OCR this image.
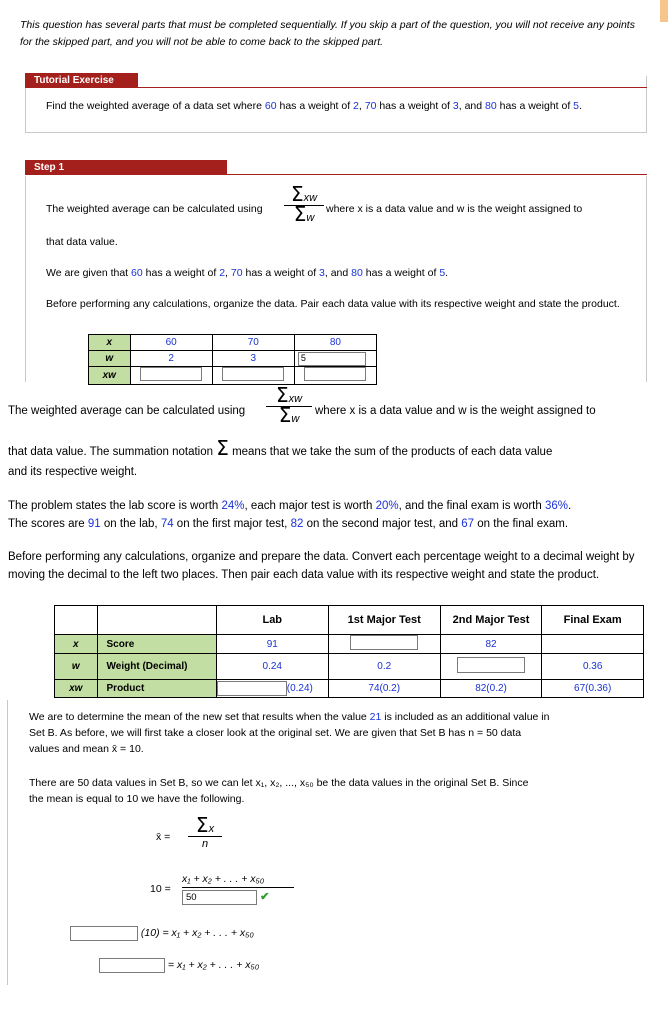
This question has several parts that must be completed sequentially. If you skip a part of the question, you will not receive any points for the skipped part, and you will not be able to come back to the skipped part.
Tutorial Exercise
Find the weighted average of a data set where 60 has a weight of 2, 70 has a weight of 3, and 80 has a weight of 5.
Step 1
The weighted average can be calculated using
Σxw
Σw
where x is a data value and w is the weight assigned to
that data value.
We are given that 60 has a weight of 2, 70 has a weight of 3, and 80 has a weight of 5.
Before performing any calculations, organize the data. Pair each data value with its respective weight and state the product.
x	60	70	80
w	2	3	5
xw			
The weighted average can be calculated using
Σxw
Σw
where x is a data value and w is the weight assigned to
that data value. The summation notation Σ means that we take the sum of the products of each data value
and its respective weight.
The problem states the lab score is worth 24%, each major test is worth 20%, and the final exam is worth 36%.
The scores are 91 on the lab, 74 on the first major test, 82 on the second major test, and 67 on the final exam.
Before performing any calculations, organize and prepare the data. Convert each percentage weight to a decimal weight by moving the decimal to the left two places. Then pair each data value with its respective weight and state the product.
		Lab	1st Major Test	2nd Major Test	Final Exam
x	Score	91		82	
w	Weight (Decimal)	0.24	0.2		0.36
xw	Product	(0.24)	74(0.2)	82(0.2)	67(0.36)
We are to determine the mean of the new set that results when the value 21 is included as an additional value in
Set B. As before, we will first take a closer look at the original set. We are given that Set B has n = 50 data
values and mean x̄ = 10.
There are 50 data values in Set B, so we can let x₁, x₂, ..., x₅₀ be the data values in the original Set B. Since
the mean is equal to 10 we have the following.
x̄ =	Σx
n
10 =
x₁ + x₂ + . . . + x₅₀
50	✔
(10) = x₁ + x₂ + . . . + x₅₀
= x₁ + x₂ + . . . + x₅₀
